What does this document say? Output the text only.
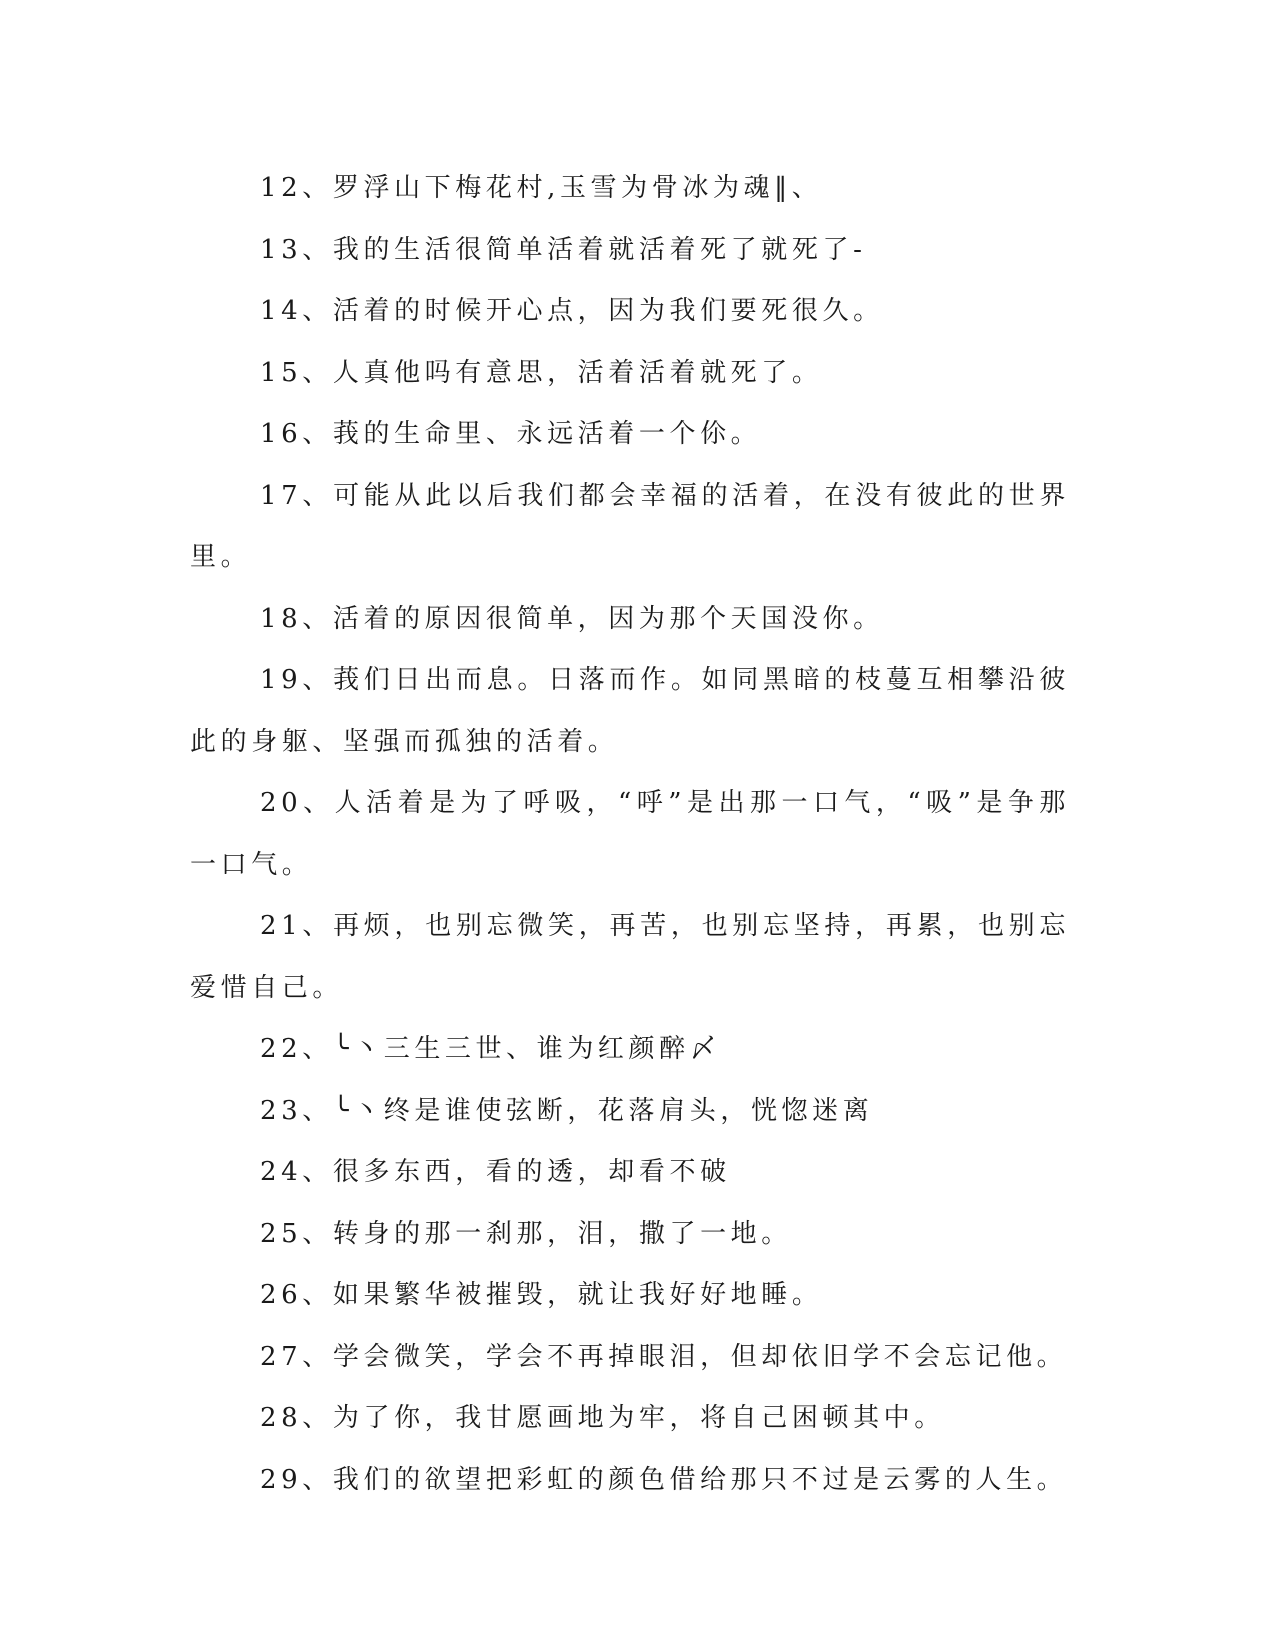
12、罗浮山下梅花村,玉雪为骨冰为魂‖、

13、我的生活很简单活着就活着死了就死了-

14、活着的时候开心点，因为我们要死很久。

15、人真他吗有意思，活着活着就死了。

16、莪的生命里、永远活着一个伱。

17、可能从此以后我们都会幸福的活着，在没有彼此的世界里。

18、活着的原因很简单，因为那个天国没你。

19、莪们日出而息。日落而作。如同黑暗的枝蔓互相攀沿彼此的身躯、坚强而孤独的活着。

20、人活着是为了呼吸，“呼”是出那一口气，“吸”是争那一口气。

21、再烦，也别忘微笑，再苦，也别忘坚持，再累，也别忘爱惜自己。

22、╰丶三生三世、谁为红颜醉〆

23、╰丶终是谁使弦断，花落肩头，恍惚迷离

24、很多东西，看的透，却看不破

25、转身的那一刹那，泪，撒了一地。

26、如果繁华被摧毁，就让我好好地睡。

27、学会微笑，学会不再掉眼泪，但却依旧学不会忘记他。

28、为了你，我甘愿画地为牢，将自己困顿其中。

29、我们的欲望把彩虹的颜色借给那只不过是云雾的人生。
